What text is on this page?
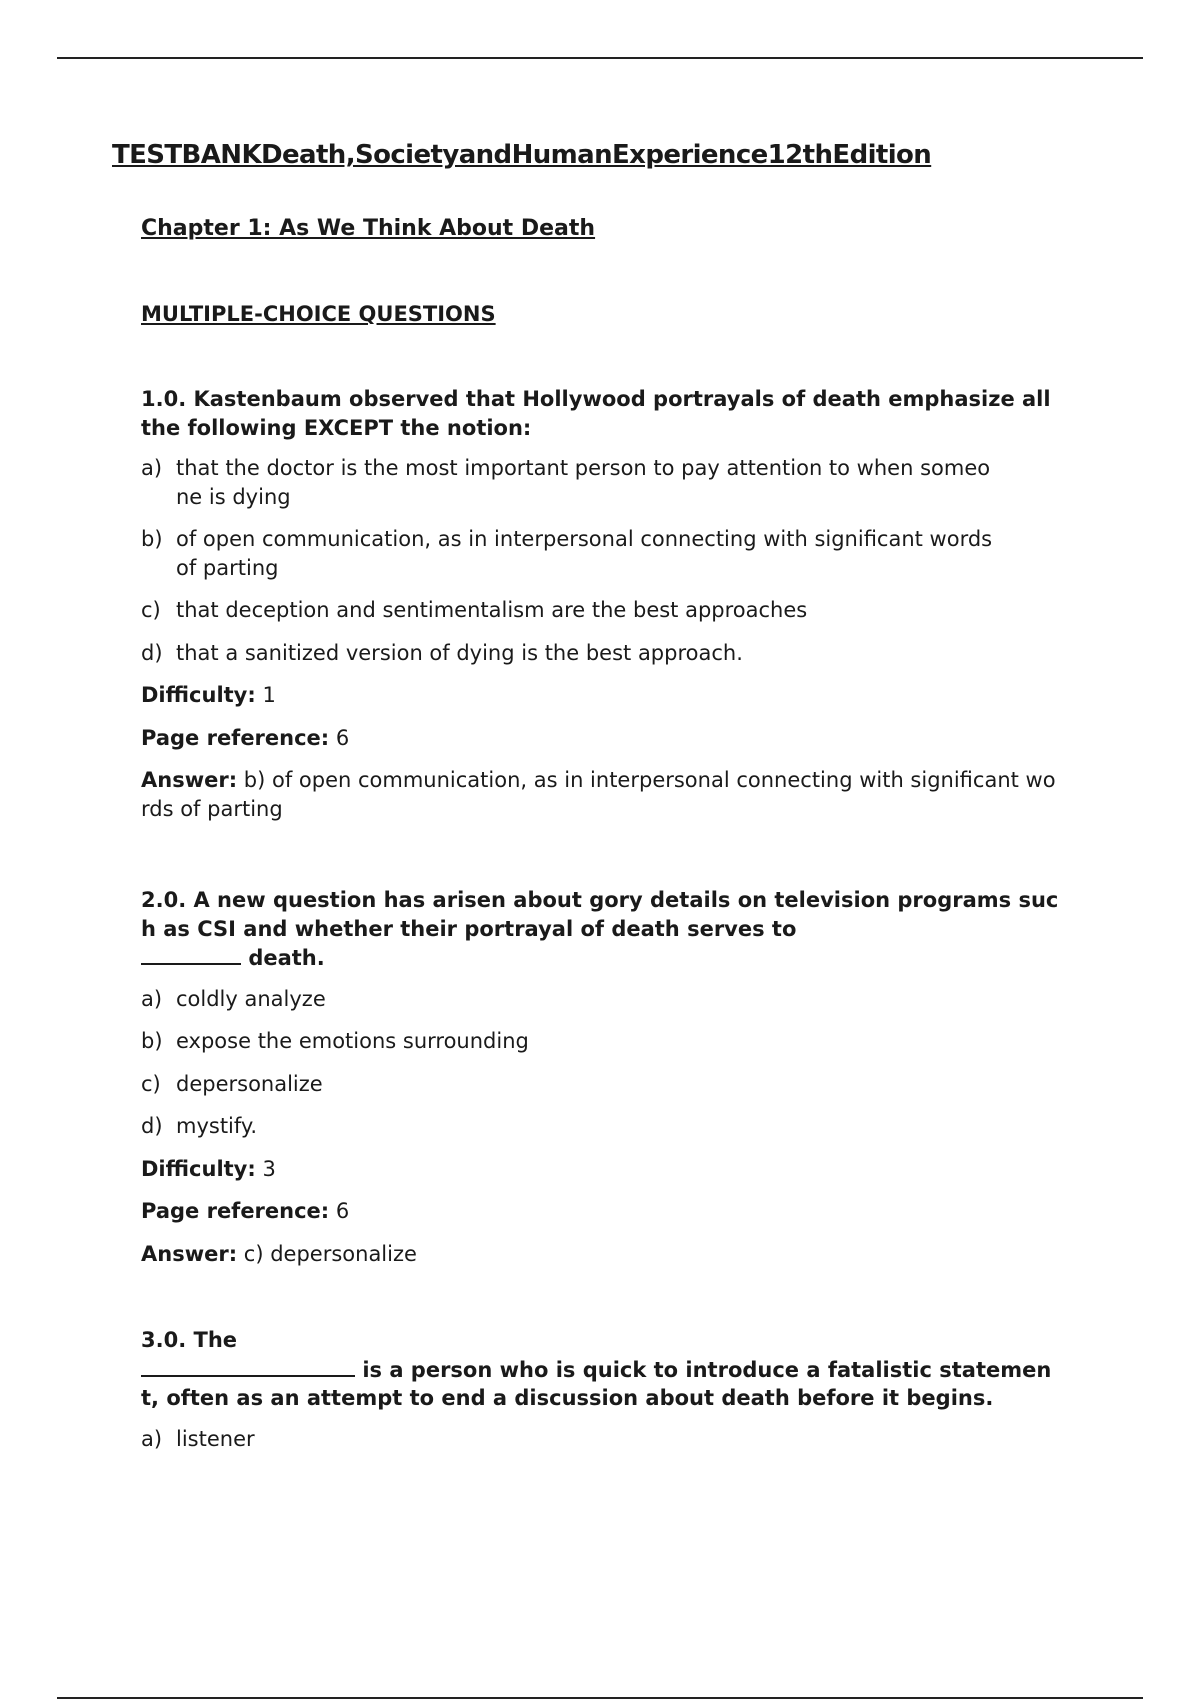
TESTBANKDeath,SocietyandHumanExperience12thEdition
Chapter 1: As We Think About Death
MULTIPLE-CHOICE QUESTIONS
1.0. Kastenbaum observed that Hollywood portrayals of death emphasize all the following EXCEPT the notion:
a) that the doctor is the most important person to pay attention to when someone is dying
b) of open communication, as in interpersonal connecting with significant words of parting
c) that deception and sentimentalism are the best approaches
d) that a sanitized version of dying is the best approach.
Difficulty: 1
Page reference: 6
Answer: b) of open communication, as in interpersonal connecting with significant words of parting
2.0. A new question has arisen about gory details on television programs such as CSI and whether their portrayal of death serves to
death.
a) coldly analyze
b) expose the emotions surrounding
c) depersonalize
d) mystify.
Difficulty: 3
Page reference: 6
Answer: c) depersonalize
3.0. The
is a person who is quick to introduce a fatalistic statement, often as an attempt to end a discussion about death before it begins.
a) listener
